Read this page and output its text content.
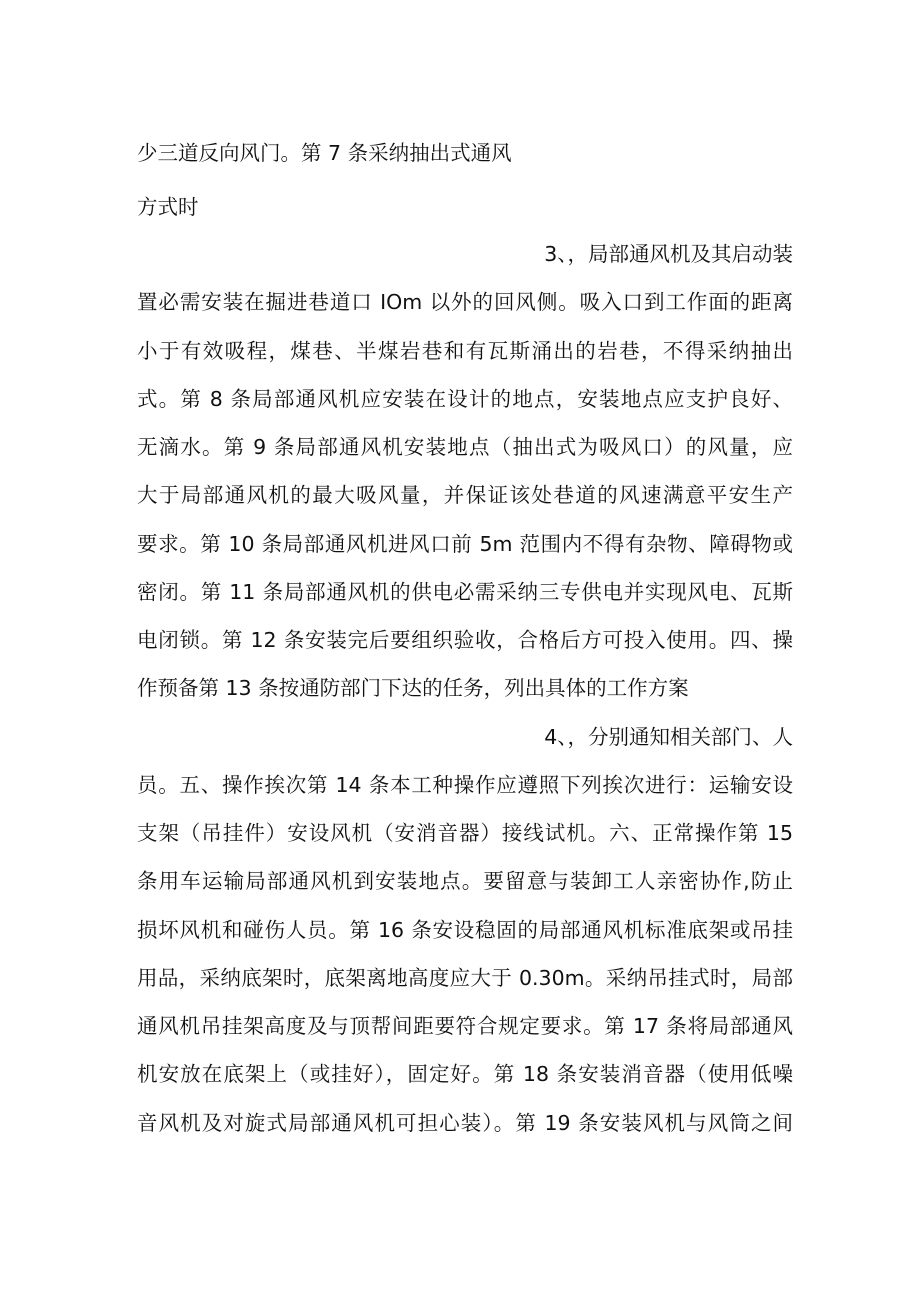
少三道反向风门。第 7 条采纳抽出式通风
方式时
3、，局部通风机及其启动装
置必需安装在掘进巷道口 IOm 以外的回风侧。吸入口到工作面的距离
小于有效吸程，煤巷、半煤岩巷和有瓦斯涌出的岩巷，不得采纳抽出
式。第 8 条局部通风机应安装在设计的地点，安装地点应支护良好、
无滴水。第 9 条局部通风机安装地点（抽出式为吸风口）的风量，应
大于局部通风机的最大吸风量，并保证该处巷道的风速满意平安生产
要求。第 10 条局部通风机进风口前 5m 范围内不得有杂物、障碍物或
密闭。第 11 条局部通风机的供电必需采纳三专供电并实现风电、瓦斯
电闭锁。第 12 条安装完后要组织验收，合格后方可投入使用。四、操
作预备第 13 条按通防部门下达的任务，列出具体的工作方案
4、，分别通知相关部门、人
员。五、操作挨次第 14 条本工种操作应遵照下列挨次进行：运输安设
支架（吊挂件）安设风机（安消音器）接线试机。六、正常操作第 15
条用车运输局部通风机到安装地点。要留意与装卸工人亲密协作,防止
损坏风机和碰伤人员。第 16 条安设稳固的局部通风机标准底架或吊挂
用品，采纳底架时，底架离地高度应大于 0.30m。采纳吊挂式时，局部
通风机吊挂架高度及与顶帮间距要符合规定要求。第 17 条将局部通风
机安放在底架上（或挂好），固定好。第 18 条安装消音器（使用低噪
音风机及对旋式局部通风机可担心装）。第 19 条安装风机与风筒之间
